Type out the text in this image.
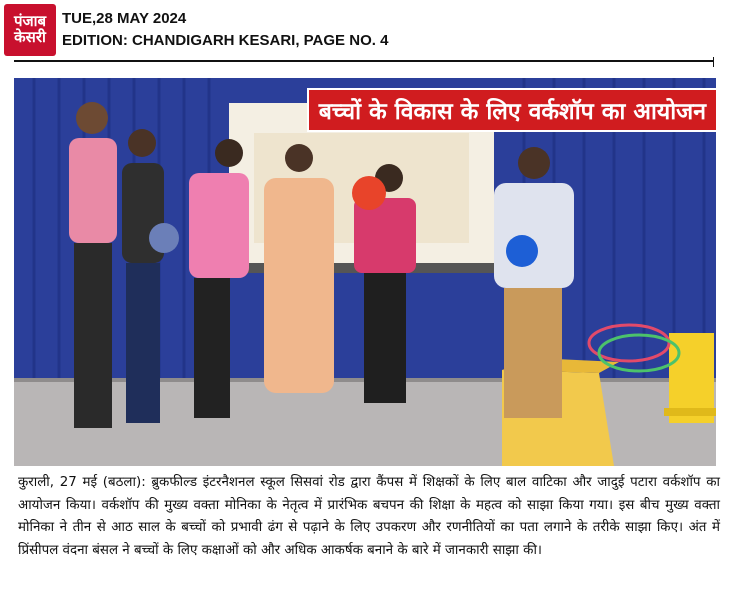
पंजाब
केसरी
TUE,28 MAY 2024
EDITION: CHANDIGARH KESARI, PAGE NO. 4
बच्चों के विकास के लिए वर्कशॉप का आयोजन
कुराली, 27 मई (बठला): ब्रुकफील्ड इंटरनैशनल स्कूल सिसवां रोड द्वारा कैंपस में शिक्षकों के लिए बाल वाटिका और जादुई पटारा वर्कशॉप का आयोजन किया। वर्कशॉप की मुख्य वक्ता मोनिका के नेतृत्व में प्रारंभिक बचपन की शिक्षा के महत्व को साझा किया गया। इस बीच मुख्य वक्ता मोनिका ने तीन से आठ साल के बच्चों को प्रभावी ढंग से पढ़ाने के लिए उपकरण और रणनीतियों का पता लगाने के तरीके साझा किए। अंत में प्रिंसीपल वंदना बंसल ने बच्चों के लिए कक्षाओं को और अधिक आकर्षक बनाने के बारे में जानकारी साझा की।
